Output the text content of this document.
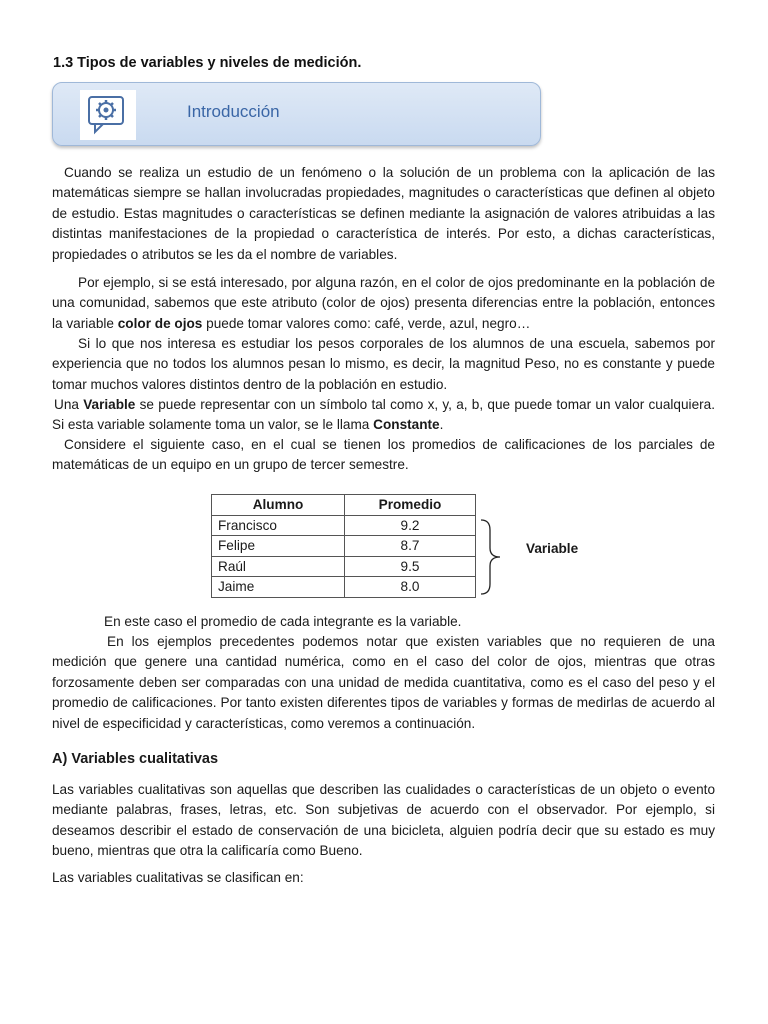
1.3 Tipos de variables y niveles de medición.
Introducción

Cuando se realiza un estudio de un fenómeno o la solución de un problema con la aplicación de las matemáticas siempre se hallan involucradas propiedades, magnitudes o características que definen al objeto de estudio. Estas magnitudes o características se definen mediante la asignación de valores atribuidas a las distintas manifestaciones de la propiedad o característica de interés. Por esto, a dichas características, propiedades o atributos se les da el nombre de variables.

Por ejemplo, si se está interesado, por alguna razón, en el color de ojos predominante en la población de una comunidad, sabemos que este atributo (color de ojos) presenta diferencias entre la población, entonces la variable color de ojos puede tomar valores como: café, verde, azul, negro…

Si lo que nos interesa es estudiar los pesos corporales de los alumnos de una escuela, sabemos por experiencia que no todos los alumnos pesan lo mismo, es decir, la magnitud Peso, no es constante y puede tomar muchos valores distintos dentro de la población en estudio.

Una Variable se puede representar con un símbolo tal como x, y, a, b, que puede tomar un valor cualquiera. Si esta variable solamente toma un valor, se le llama Constante.

Considere el siguiente caso, en el cual se tienen los promedios de calificaciones de los parciales de matemáticas de un equipo en un grupo de tercer semestre.

Alumno	Promedio
Francisco	9.2
Felipe	8.7
Raúl	9.5
Jaime	8.0
Variable

En este caso el promedio de cada integrante es la variable.

En los ejemplos precedentes podemos notar que existen variables que no requieren de una medición que genere una cantidad numérica, como en el caso del color de ojos, mientras que otras forzosamente deben ser comparadas con una unidad de medida cuantitativa, como es el caso del peso y el promedio de calificaciones. Por tanto existen diferentes tipos de variables y formas de medirlas de acuerdo al nivel de especificidad y características, como veremos a continuación.

A) Variables cualitativas

Las variables cualitativas son aquellas que describen las cualidades o características de un objeto o evento mediante palabras, frases, letras, etc. Son subjetivas de acuerdo con el observador. Por ejemplo, si deseamos describir el estado de conservación de una bicicleta, alguien podría decir que su estado es muy bueno, mientras que otra la calificaría como Bueno.

Las variables cualitativas se clasifican en:
